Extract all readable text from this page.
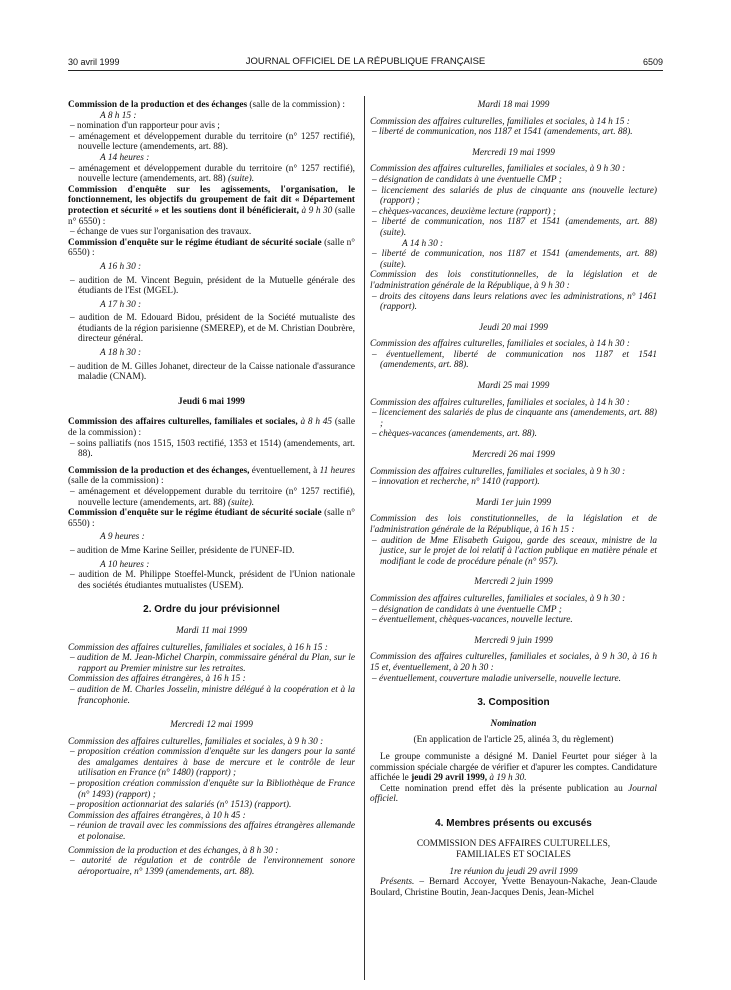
30 avril 1999	JOURNAL OFFICIEL DE LA RÉPUBLIQUE FRANÇAISE	6509

Commission de la production et des échanges (salle de la commission) :

A 8 h 15 :

– nomination d'un rapporteur pour avis ;

– aménagement et développement durable du territoire (n° 1257 rectifié), nouvelle lecture (amendements, art. 88).

A 14 heures :

– aménagement et développement durable du territoire (n° 1257 rectifié), nouvelle lecture (amendements, art. 88) (suite).

Commission d'enquête sur les agissements, l'organisation, le fonctionnement, les objectifs du groupement de fait dit « Département protection et sécurité » et les soutiens dont il bénéficierait, à 9 h 30 (salle n° 6550) :

– échange de vues sur l'organisation des travaux.

Commission d'enquête sur le régime étudiant de sécurité sociale (salle n° 6550) :

A 16 h 30 :

– audition de M. Vincent Beguin, président de la Mutuelle générale des étudiants de l'Est (MGEL).

A 17 h 30 :

– audition de M. Edouard Bidou, président de la Société mutualiste des étudiants de la région parisienne (SMEREP), et de M. Christian Doubrère, directeur général.

A 18 h 30 :

– audition de M. Gilles Johanet, directeur de la Caisse nationale d'assurance maladie (CNAM).

Jeudi 6 mai 1999

Commission des affaires culturelles, familiales et sociales, à 8 h 45 (salle de la commission) :

– soins palliatifs (nos 1515, 1503 rectifié, 1353 et 1514) (amendements, art. 88).

Commission de la production et des échanges, éventuellement, à 11 heures (salle de la commission) :

– aménagement et développement durable du territoire (n° 1257 rectifié), nouvelle lecture (amendements, art. 88) (suite).

Commission d'enquête sur le régime étudiant de sécurité sociale (salle n° 6550) :

A 9 heures :

– audition de Mme Karine Seiller, présidente de l'UNEF-ID.

A 10 heures :

– audition de M. Philippe Stoeffel-Munck, président de l'Union nationale des sociétés étudiantes mutualistes (USEM).

2. Ordre du jour prévisionnel

Mardi 11 mai 1999

Commission des affaires culturelles, familiales et sociales, à 16 h 15 :

– audition de M. Jean-Michel Charpin, commissaire général du Plan, sur le rapport au Premier ministre sur les retraites.

Commission des affaires étrangères, à 16 h 15 :

– audition de M. Charles Josselin, ministre délégué à la coopération et à la francophonie.

Mercredi 12 mai 1999

Commission des affaires culturelles, familiales et sociales, à 9 h 30 :

– proposition création commission d'enquête sur les dangers pour la santé des amalgames dentaires à base de mercure et le contrôle de leur utilisation en France (n° 1480) (rapport) ;

– proposition création commission d'enquête sur la Bibliothèque de France (n° 1493) (rapport) ;

– proposition actionnariat des salariés (n° 1513) (rapport).

Commission des affaires étrangères, à 10 h 45 :

– réunion de travail avec les commissions des affaires étrangères allemande et polonaise.

Commission de la production et des échanges, à 8 h 30 :

– autorité de régulation et de contrôle de l'environnement sonore aéroportuaire, n° 1399 (amendements, art. 88).

Mardi 18 mai 1999

Commission des affaires culturelles, familiales et sociales, à 14 h 15 :

– liberté de communication, nos 1187 et 1541 (amendements, art. 88).

Mercredi 19 mai 1999

Commission des affaires culturelles, familiales et sociales, à 9 h 30 :

– désignation de candidats à une éventuelle CMP ;

– licenciement des salariés de plus de cinquante ans (nouvelle lecture) (rapport) ;

– chèques-vacances, deuxième lecture (rapport) ;

– liberté de communication, nos 1187 et 1541 (amendements, art. 88) (suite).

A 14 h 30 :

– liberté de communication, nos 1187 et 1541 (amendements, art. 88) (suite).

Commission des lois constitutionnelles, de la législation et de l'administration générale de la République, à 9 h 30 :

– droits des citoyens dans leurs relations avec les administrations, n° 1461 (rapport).

Jeudi 20 mai 1999

Commission des affaires culturelles, familiales et sociales, à 14 h 30 :

– éventuellement, liberté de communication nos 1187 et 1541 (amendements, art. 88).

Mardi 25 mai 1999

Commission des affaires culturelles, familiales et sociales, à 14 h 30 :

– licenciement des salariés de plus de cinquante ans (amendements, art. 88) ;

– chèques-vacances (amendements, art. 88).

Mercredi 26 mai 1999

Commission des affaires culturelles, familiales et sociales, à 9 h 30 :

– innovation et recherche, n° 1410 (rapport).

Mardi 1er juin 1999

Commission des lois constitutionnelles, de la législation et de l'administration générale de la République, à 16 h 15 :

– audition de Mme Elisabeth Guigou, garde des sceaux, ministre de la justice, sur le projet de loi relatif à l'action publique en matière pénale et modifiant le code de procédure pénale (n° 957).

Mercredi 2 juin 1999

Commission des affaires culturelles, familiales et sociales, à 9 h 30 :

– désignation de candidats à une éventuelle CMP ;

– éventuellement, chèques-vacances, nouvelle lecture.

Mercredi 9 juin 1999

Commission des affaires culturelles, familiales et sociales, à 9 h 30, à 16 h 15 et, éventuellement, à 20 h 30 :

– éventuellement, couverture maladie universelle, nouvelle lecture.

3. Composition

Nomination

(En application de l'article 25, alinéa 3, du règlement)

Le groupe communiste a désigné M. Daniel Feurtet pour siéger à la commission spéciale chargée de vérifier et d'apurer les comptes. Candidature affichée le jeudi 29 avril 1999, à 19 h 30.

Cette nomination prend effet dès la présente publication au Journal officiel.

4. Membres présents ou excusés

COMMISSION DES AFFAIRES CULTURELLES,

FAMILIALES ET SOCIALES

1re réunion du jeudi 29 avril 1999

Présents. – Bernard Accoyer, Yvette Benayoun-Nakache, Jean-Claude Boulard, Christine Boutin, Jean-Jacques Denis, Jean-Michel
